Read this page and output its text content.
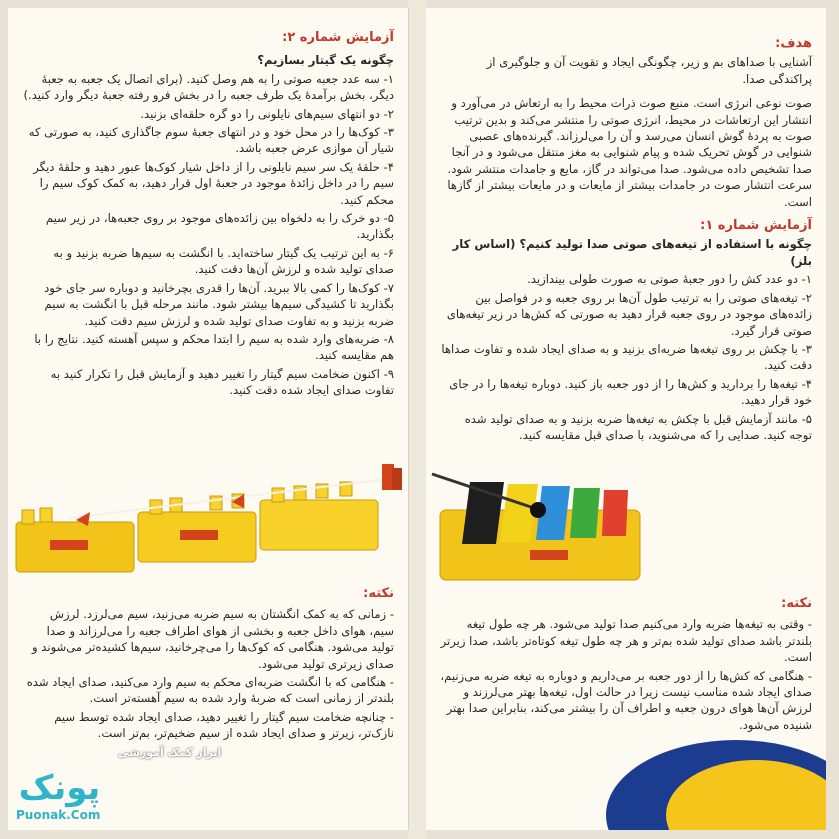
آزمایش شماره ۲:

چگونه یک گیتار بسازیم؟

۱- سه عدد جعبه صوتی را به هم وصل کنید. (برای اتصال یک جعبه به جعبۀ دیگر، بخش برآمدۀ یک طرف جعبه را در بخش فرو رفته جعبۀ دیگر وارد کنید.)

۲- دو انتهای سیم‌های نایلونی را دو گره حلقه‌ای بزنید.

۳- کوک‌ها را در محل خود و در انتهای جعبۀ سوم جاگذاری کنید، به صورتی که شیار آن موازی عرض جعبه باشد.

۴- حلقۀ یک سر سیم نایلونی را از داخل شیار کوک‌ها عبور دهید و حلقۀ دیگر سیم را در داخل زائدۀ موجود در جعبۀ اول قرار دهید، به کمک کوک سیم را محکم کنید.

۵- دو خرک را به دلخواه بین زائده‌های موجود بر روی جعبه‌ها، در زیر سیم بگذارید.

۶- به این ترتیب یک گیتار ساخته‌اید. با انگشت به سیم‌ها ضربه بزنید و به صدای تولید شده و لرزش آن‌ها دقت کنید.

۷- کوک‌ها را کمی بالا ببرید. آن‌ها را قدری بچرخانید و دوباره سر جای خود بگذارید تا کشیدگی سیم‌ها بیشتر شود. مانند مرحله قبل با انگشت به سیم ضربه بزنید و به تفاوت صدای تولید شده و لرزش سیم دقت کنید.

۸- ضربه‌های وارد شده به سیم را ابتدا محکم و سپس آهسته کنید. نتایج را با هم مقایسه کنید.

۹- اکنون ضخامت سیم گیتار را تغییر دهید و آزمایش قبل را تکرار کنید به تفاوت صدای ایجاد شده دقت کنید.

نکته:

- زمانی که به کمک انگشتان به سیم ضربه می‌زنید، سیم می‌لرزد. لرزش سیم، هوای داخل جعبه و بخشی از هوای اطراف جعبه را می‌لرزاند و صدا تولید می‌شود. هنگامی که کوک‌ها را می‌چرخانید، سیم‌ها کشیده‌تر می‌شوند و صدای زیرتری تولید می‌شود.

- هنگامی که با انگشت ضربه‌ای محکم به سیم وارد می‌کنید، صدای ایجاد شده بلندتر از زمانی است که ضربۀ وارد شده به سیم آهسته‌تر است.

- چنانچه ضخامت سیم گیتار را تغییر دهید، صدای ایجاد شده توسط سیم نازک‌تر، زیرتر و صدای ایجاد شده از سیم ضخیم‌تر، بم‌تر است.

پونک
Puonak.Com
ابزار کمک آموزشی

هدف:

آشنایی با صداهای بم و زیر، چگونگی ایجاد و تقویت آن و جلوگیری از پراکندگی صدا.

صوت نوعی انرژی است. منبع صوت ذرات محیط را به ارتعاش در می‌آورد و انتشار این ارتعاشات در محیط، انرژی صوتی را منتشر می‌کند و بدین ترتیب صوت به پردۀ گوش انسان می‌رسد و آن را می‌لرزاند. گیرنده‌های عصبی شنوایی در گوش تحریک شده و پیام شنوایی به مغز منتقل می‌شود و در آنجا صدا تشخیص داده می‌شود. صدا می‌تواند در گاز، مایع و جامدات منتشر شود. سرعت انتشار صوت در جامدات بیشتر از مایعات و در مایعات بیشتر از گازها است.

آزمایش شماره ۱:

چگونه با استفاده از تیغه‌های صوتی صدا تولید کنیم؟ (اساس کار بلز)

۱- دو عدد کش را دور جعبۀ صوتی به صورت طولی بیندازید.

۲- تیغه‌های صوتی را به ترتیب طول آن‌ها بر روی جعبه و در فواصل بین زائده‌های موجود در روی جعبه قرار دهید به صورتی که کش‌ها در زیر تیغه‌های صوتی قرار گیرد.

۳- با چکش بر روی تیغه‌ها ضربه‌ای بزنید و به صدای ایجاد شده و تفاوت صداها دقت کنید.

۴- تیغه‌ها را برداريد و کش‌ها را از دور جعبه باز کنید. دوباره تیغه‌ها را در جای خود قرار دهید.

۵- مانند آزمایش قبل با چکش به تیغه‌ها ضربه بزنید و به صدای تولید شده توجه کنید. صدایی را که می‌شنوید، با صدای قبل مقایسه کنید.

نکته:

- وقتی به تیغه‌ها ضربه وارد می‌کنیم صدا تولید می‌شود. هر چه طول تیغه بلندتر باشد صدای تولید شده بم‌تر و هر چه طول تیغه کوتاه‌تر باشد، صدا زیرتر است.

- هنگامی که کش‌ها را از دور جعبه بر می‌داریم و دوباره به تیغه ضربه می‌زنیم، صدای ایجاد شده مناسب نیست زیرا در حالت اول، تیغه‌ها بهتر می‌لرزند و لرزش آن‌ها هوای درون جعبه و اطراف آن را بیشتر می‌کند، بنابراین صدا بهتر شنیده می‌شود.
